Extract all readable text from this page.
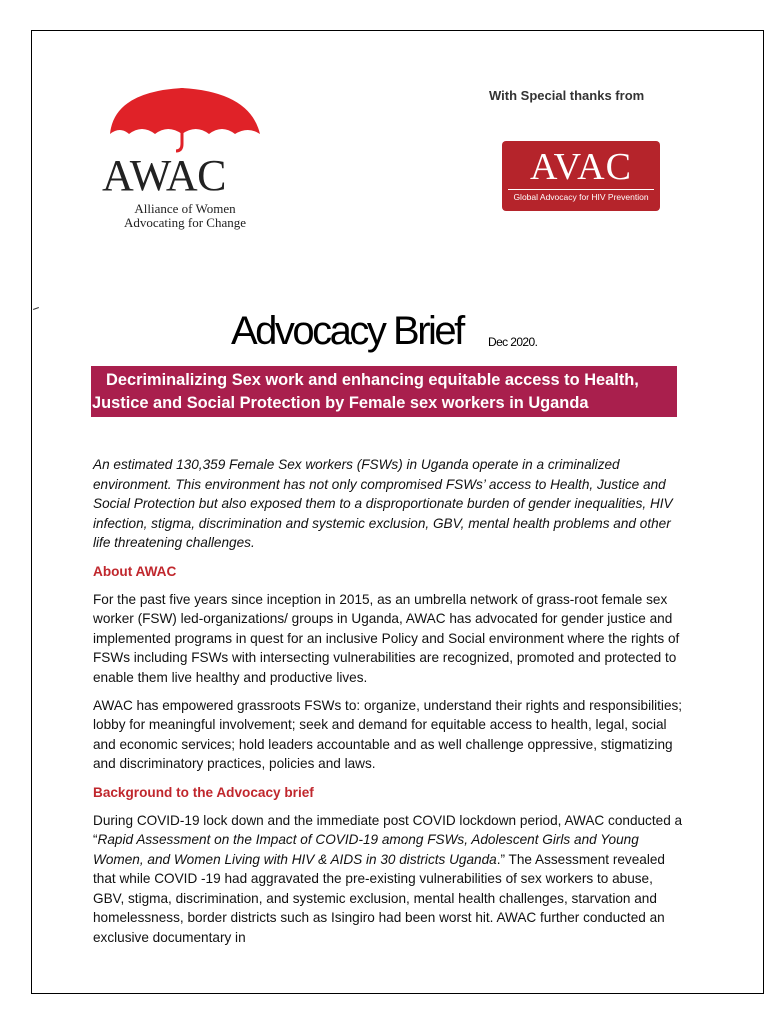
AWAC
Alliance of Women
Advocating for Change
With Special thanks from
AVAC
Global Advocacy for HIV Prevention
Advocacy Brief Dec 2020.
Decriminalizing Sex work and enhancing equitable access to Health,
Justice and Social Protection by Female sex workers in Uganda

An estimated 130,359 Female Sex workers (FSWs) in Uganda operate in a criminalized environment. This environment has not only compromised FSWs’ access to Health, Justice and Social Protection but also exposed them to a disproportionate burden of gender inequalities, HIV infection, stigma, discrimination and systemic exclusion, GBV, mental health problems and other life threatening challenges.

About AWAC

For the past five years since inception in 2015, as an umbrella network of grass-root female sex worker (FSW) led-organizations/ groups in Uganda, AWAC has advocated for gender justice and implemented programs in quest for an inclusive Policy and Social environment where the rights of FSWs including FSWs with intersecting vulnerabilities are recognized, promoted and protected to enable them live healthy and productive lives.

AWAC has empowered grassroots FSWs to: organize, understand their rights and responsibilities; lobby for meaningful involvement; seek and demand for equitable access to health, legal, social and economic services; hold leaders accountable and as well challenge oppressive, stigmatizing and discriminatory practices, policies and laws.

Background to the Advocacy brief

During COVID-19 lock down and the immediate post COVID lockdown period, AWAC conducted a “Rapid Assessment on the Impact of COVID-19 among FSWs, Adolescent Girls and Young Women, and Women Living with HIV & AIDS in 30 districts Uganda.” The Assessment revealed that while COVID -19 had aggravated the pre-existing vulnerabilities of sex workers to abuse, GBV, stigma, discrimination, and systemic exclusion, mental health challenges, starvation and homelessness, border districts such as Isingiro had been worst hit. AWAC further conducted an exclusive documentary in
